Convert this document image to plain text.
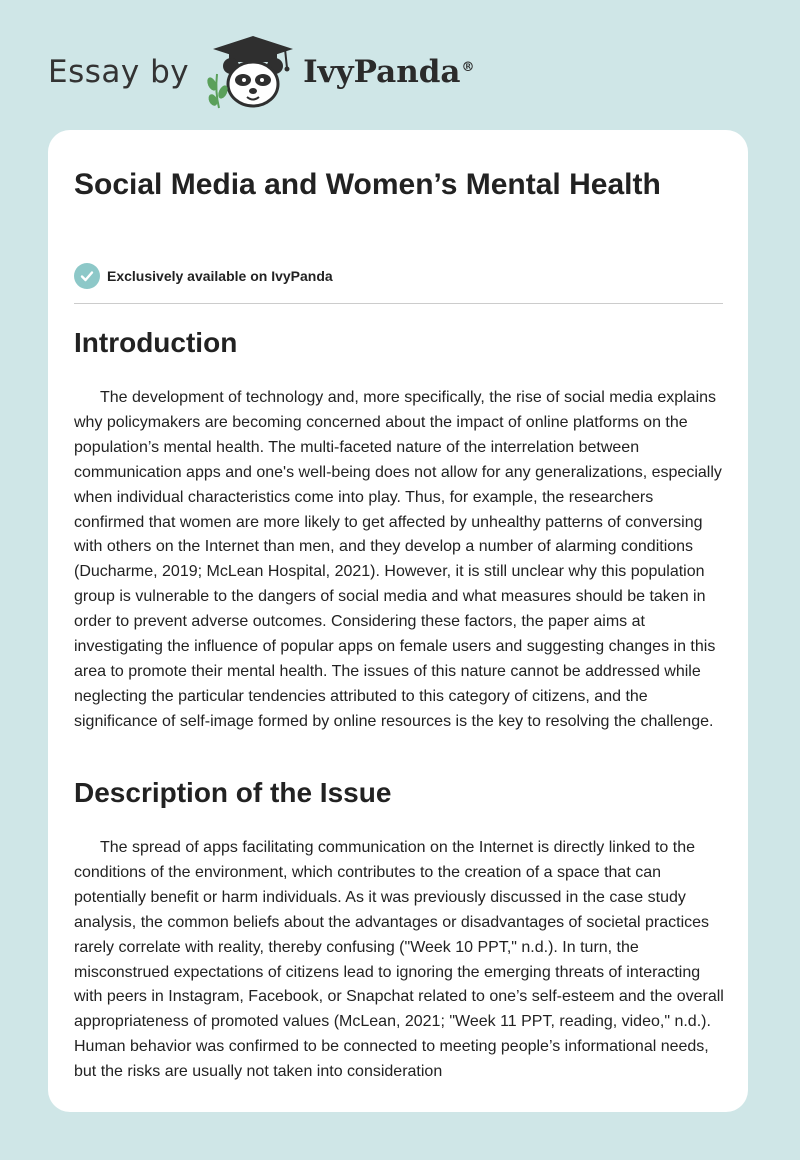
Essay by	IvyPanda®
Social Media and Women’s Mental Health
Exclusively available on IvyPanda
Introduction

The development of technology and, more specifically, the rise of social media explains why policymakers are becoming concerned about the impact of online platforms on the population’s mental health. The multi-faceted nature of the interrelation between communication apps and one's well-being does not allow for any generalizations, especially when individual characteristics come into play. Thus, for example, the researchers confirmed that women are more likely to get affected by unhealthy patterns of conversing with others on the Internet than men, and they develop a number of alarming conditions (Ducharme, 2019; McLean Hospital, 2021). However, it is still unclear why this population group is vulnerable to the dangers of social media and what measures should be taken in order to prevent adverse outcomes. Considering these factors, the paper aims at investigating the influence of popular apps on female users and suggesting changes in this area to promote their mental health. The issues of this nature cannot be addressed while neglecting the particular tendencies attributed to this category of citizens, and the significance of self-image formed by online resources is the key to resolving the challenge.

Description of the Issue

The spread of apps facilitating communication on the Internet is directly linked to the conditions of the environment, which contributes to the creation of a space that can potentially benefit or harm individuals. As it was previously discussed in the case study analysis, the common beliefs about the advantages or disadvantages of societal practices rarely correlate with reality, thereby confusing ("Week 10 PPT," n.d.). In turn, the misconstrued expectations of citizens lead to ignoring the emerging threats of interacting with peers in Instagram, Facebook, or Snapchat related to one’s self-esteem and the overall appropriateness of promoted values (McLean, 2021; "Week 11 PPT, reading, video," n.d.). Human behavior was confirmed to be connected to meeting people’s informational needs, but the risks are usually not taken into consideration
